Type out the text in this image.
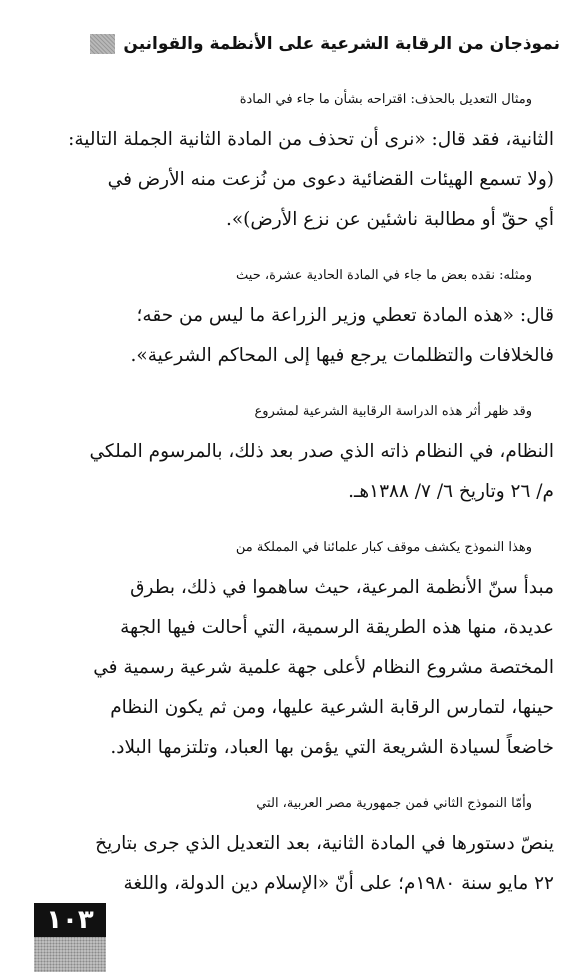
نموذجان من الرقابة الشرعية على الأنظمة والقوانين

ومثال التعديل بالحذف: اقتراحه بشأن ما جاء في المادة
الثانية، فقد قال: «نرى أن تحذف من المادة الثانية الجملة التالية:
(ولا تسمع الهيئات القضائية دعوى من نُزعت منه الأرض في
أي حقّ أو مطالبة ناشئين عن نزع الأرض)».

ومثله: نقده بعض ما جاء في المادة الحادية عشرة، حيث
قال: «هذه المادة تعطي وزير الزراعة ما ليس من حقه؛
فالخلافات والتظلمات يرجع فيها إلى المحاكم الشرعية».

وقد ظهر أثر هذه الدراسة الرقابية الشرعية لمشروع
النظام، في النظام ذاته الذي صدر بعد ذلك، بالمرسوم الملكي
م/ ٢٦ وتاريخ ٦/ ٧/ ١٣٨٨هـ.

وهذا النموذج يكشف موقف كبار علمائنا في المملكة من
مبدأ سنّ الأنظمة المرعية، حيث ساهموا في ذلك، بطرق
عديدة، منها هذه الطريقة الرسمية، التي أحالت فيها الجهة
المختصة مشروع النظام لأعلى جهة علمية شرعية رسمية في
حينها، لتمارس الرقابة الشرعية عليها، ومن ثم يكون النظام
خاضعاً لسيادة الشريعة التي يؤمن بها العباد، وتلتزمها البلاد.

وأمّا النموذج الثاني فمن جمهورية مصر العربية، التي
ينصّ دستورها في المادة الثانية، بعد التعديل الذي جرى بتاريخ
٢٢ مايو سنة ١٩٨٠م؛ على أنّ «الإسلام دين الدولة، واللغة

١٠٣
